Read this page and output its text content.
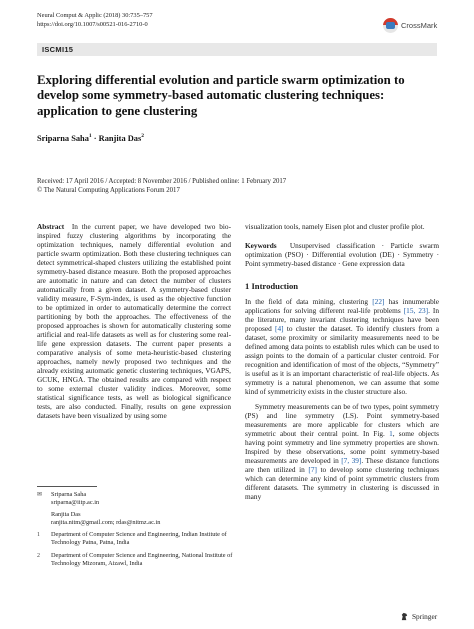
Neural Comput & Applic (2018) 30:735–757
https://doi.org/10.1007/s00521-016-2710-0	CrossMark
ISCMI15
Exploring differential evolution and particle swarm optimization to develop some symmetry-based automatic clustering techniques: application to gene clustering
Sriparna Saha$^1$ · Ranjita Das$^2$
Received: 17 April 2016 / Accepted: 8 November 2016 / Published online: 1 February 2017
© The Natural Computing Applications Forum 2017

Abstract In the current paper, we have developed two bio-inspired fuzzy clustering algorithms by incorporating the optimization techniques, namely differential evolution and particle swarm optimization. Both these clustering techniques can detect symmetrical-shaped clusters utilizing the established point symmetry-based distance measure. Both the proposed approaches are automatic in nature and can detect the number of clusters automatically from a given dataset. A symmetry-based cluster validity measure, F-Sym-index, is used as the objective function to be optimized in order to automatically determine the correct partitioning by both the approaches. The effectiveness of the proposed approaches is shown for automatically clustering some artificial and real-life datasets as well as for clustering some real-life gene expression datasets. The current paper presents a comparative analysis of some meta-heuristic-based clustering approaches, namely newly proposed two techniques and the already existing automatic genetic clustering techniques, VGAPS, GCUK, HNGA. The obtained results are compared with respect to some external cluster validity indices. Moreover, some statistical significance tests, as well as biological significance tests, are also conducted. Finally, results on gene expression datasets have been visualized by using some

✉	Sriparna Saha
sriparna@iitp.ac.in
Ranjita Das
ranjita.nitm@gmail.com; rdas@nitmz.ac.in
1	Department of Computer Science and Engineering, Indian Institute of Technology Patna, Patna, India
2	Department of Computer Science and Engineering, National Institute of Technology Mizoram, Aizawl, India

visualization tools, namely Eisen plot and cluster profile plot.

Keywords Unsupervised classification · Particle swarm optimization (PSO) · Differential evolution (DE) · Symmetry · Point symmetry-based distance · Gene expression data

1 Introduction

In the field of data mining, clustering [22] has innumerable applications for solving different real-life problems [15, 23]. In the literature, many invariant clustering techniques have been proposed [4] to cluster the dataset. To identify clusters from a dataset, some proximity or similarity measurements need to be defined among data points to establish rules which can be used to assign points to the domain of a particular cluster centroid. For recognition and identification of most of the objects, “Symmetry” is useful as it is an important characteristic of real-life objects. As symmetry is a natural phenomenon, we can assume that some kind of symmetricity exists in the cluster structure also.

Symmetry measurements can be of two types, point symmetry (PS) and line symmetry (LS). Point symmetry-based measurements are more applicable for clusters which are symmetric about their central point. In Fig. 1, some objects having point symmetry and line symmetry properties are shown. Inspired by these observations, some point symmetry-based measurements are developed in [7, 39]. These distance functions are then utilized in [7] to develop some clustering techniques which can determine any kind of point symmetric clusters from different datasets. The symmetry in clustering is discussed in many

Springer
